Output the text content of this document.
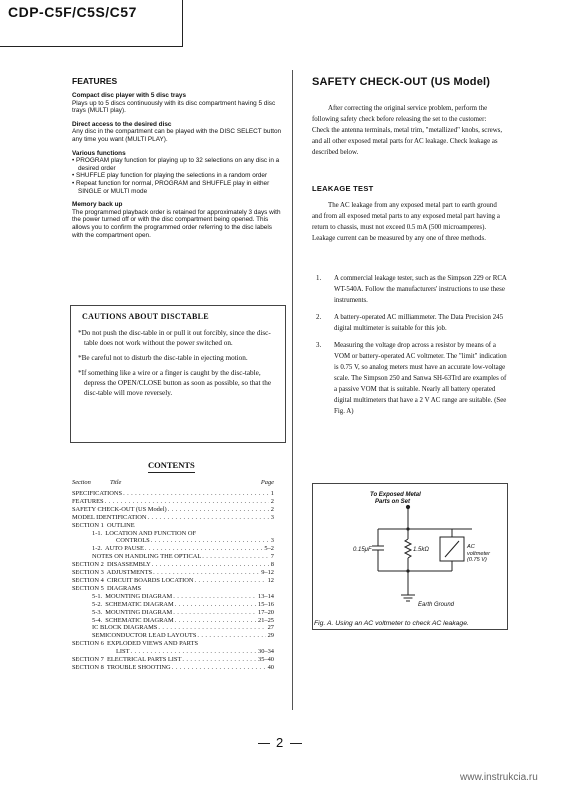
CDP-C5F/C5S/C57
FEATURES
Compact disc player with 5 disc trays
Plays up to 5 discs continuously with its disc compartment having 5 disc trays (MULTI play).
Direct access to the desired disc
Any disc in the compartment can be played with the DISC SELECT button any time you want (MULTI PLAY).
Various functions
• PROGRAM play function for playing up to 32 selections on any disc in a desired order
• SHUFFLE play function for playing the selections in a random order
• Repeat function for normal, PROGRAM and SHUFFLE play in either SINGLE or MULTI mode
Memory back up
The programmed playback order is retained for approximately 3 days with the power turned off or with the disc compartment being opened. This allows you to confirm the programmed order referring to the disc labels with the compartment open.
CAUTIONS ABOUT DISCTABLE

*Do not push the disc-table in or pull it out forcibly, since the disc-table does not work without the power switched on.

*Be careful not to disturb the disc-table in ejecting motion.

*If something like a wire or a finger is caught by the disc-table, depress the OPEN/CLOSE button as soon as possible, so that the disc-table will move reversely.

CONTENTS
Section	Title	Page
SPECIFICATIONS . . .	1
FEATURES . . .	2
SAFETY CHECK-OUT (US Model) . . .	2
MODEL IDENTIFICATION . . .	3
SECTION 1  OUTLINE
1-1.  LOCATION AND FUNCTION OF
CONTROLS . . .	3
1-2.  AUTO PAUSE . . .	5–2
NOTES ON HANDLING THE OPTICAL . . .	7
SECTION 2  DISASSEMBLY . . .	8
SECTION 3  ADJUSTMENTS . . .	9–12
SECTION 4  CIRCUIT BOARDS LOCATION . . .	12
SECTION 5  DIAGRAMS
5-1.  MOUNTING DIAGRAM . . .	13–14
5-2.  SCHEMATIC DIAGRAM . . .	15–16
5-3.  MOUNTING DIAGRAM . . .	17–20
5-4.  SCHEMATIC DIAGRAM . . .	21–25
IC BLOCK DIAGRAMS . . .	27
SEMICONDUCTOR LEAD LAYOUTS . . .	29
SECTION 6  EXPLODED VIEWS AND PARTS
LIST . . .	30–34
SECTION 7  ELECTRICAL PARTS LIST . . .	35–40
SECTION 8  TROUBLE SHOOTING . . .	40
SAFETY CHECK-OUT (US Model)

After correcting the original service problem, perform the following safety check before releasing the set to the customer:

Check the antenna terminals, metal trim, "metallized" knobs, screws, and all other exposed metal parts for AC leakage. Check leakage as described below.

LEAKAGE TEST

The AC leakage from any exposed metal part to earth ground and from all exposed metal parts to any exposed metal part having a return to chassis, must not exceed 0.5 mA (500 microamperes). Leakage current can be measured by any one of three methods.

1.	A commercial leakage tester, such as the Simpson 229 or RCA WT-540A. Follow the manufacturers' instructions to use these instruments.
2.	A battery-operated AC milliammeter. The Data Precision 245 digital multimeter is suitable for this job.
3.	Measuring the voltage drop across a resistor by means of a VOM or battery-operated AC voltmeter. The "limit" indication is 0.75 V, so analog meters must have an accurate low-voltage scale. The Simpson 250 and Sanwa SH-63Trd are examples of a passive VOM that is suitable. Nearly all battery operated digital multimeters that have a 2 V AC range are suitable. (See Fig. A)
To Exposed Metal
Parts on Set
0.15μF	1.5kΩ	AC
voltmeter
(0.75 V)
Earth Ground
Fig. A. Using an AC voltmeter to check AC leakage.
2
www.instrukcia.ru
